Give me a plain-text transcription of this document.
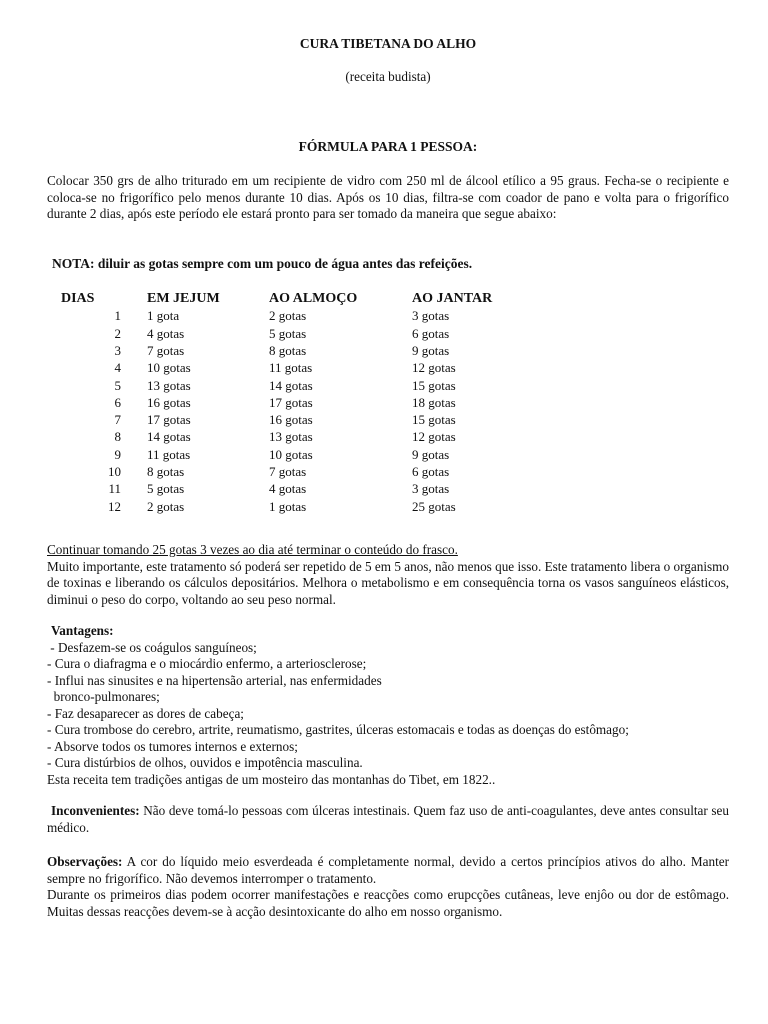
CURA TIBETANA DO ALHO
(receita budista)
FÓRMULA PARA 1 PESSOA:
Colocar 350 grs de alho triturado em um recipiente de vidro com 250 ml de álcool etílico a 95 graus. Fecha-se o recipiente e coloca-se no frigorífico pelo menos durante 10 dias. Após os 10 dias, filtra-se com coador de pano e volta para o frigorífico durante 2 dias, após este período ele estará pronto para ser tomado da maneira que segue abaixo:
NOTA: diluir as gotas sempre com um pouco de água antes das refeições.
DIAS	EM JEJUM	AO ALMOÇO	AO JANTAR
1	1 gota	2 gotas	3 gotas
2	4 gotas	5 gotas	6 gotas
3	7 gotas	8 gotas	9 gotas
4	10 gotas	11 gotas	12 gotas
5	13 gotas	14 gotas	15 gotas
6	16 gotas	17 gotas	18 gotas
7	17 gotas	16 gotas	15 gotas
8	14 gotas	13 gotas	12 gotas
9	11 gotas	10 gotas	9 gotas
10	8 gotas	7 gotas	6 gotas
11	5 gotas	4 gotas	3 gotas
12	2 gotas	1 gotas	25 gotas
Continuar tomando 25 gotas 3 vezes ao dia até terminar o conteúdo do frasco.
Muito importante, este tratamento só poderá ser repetido de 5 em 5 anos, não menos que isso. Este tratamento libera o organismo de toxinas e liberando os cálculos depositários. Melhora o metabolismo e em consequência torna os vasos sanguíneos elásticos, diminui o peso do corpo, voltando ao seu peso normal.
Vantagens:
- Desfazem-se os coágulos sanguíneos;
- Cura o diafragma e o miocárdio enfermo, a arteriosclerose;
- Influi nas sinusites e na hipertensão arterial, nas enfermidades
bronco-pulmonares;
- Faz desaparecer as dores de cabeça;
- Cura trombose do cerebro, artrite, reumatismo, gastrites, úlceras estomacais e todas as doenças do estômago;
- Absorve todos os tumores internos e externos;
- Cura distúrbios de olhos, ouvidos e impotência masculina.
Esta receita tem tradições antigas de um mosteiro das montanhas do Tibet, em 1822..
Inconvenientes: Não deve tomá-lo pessoas com úlceras intestinais. Quem faz uso de anti-coagulantes, deve antes consultar seu médico.
Observações: A cor do líquido meio esverdeada é completamente normal, devido a certos princípios ativos do alho. Manter sempre no frigorífico. Não devemos interromper o tratamento.
Durante os primeiros dias podem ocorrer manifestações e reacções como erupcções cutâneas, leve enjôo ou dor de estômago. Muitas dessas reacções devem-se à acção desintoxicante do alho em nosso organismo.
